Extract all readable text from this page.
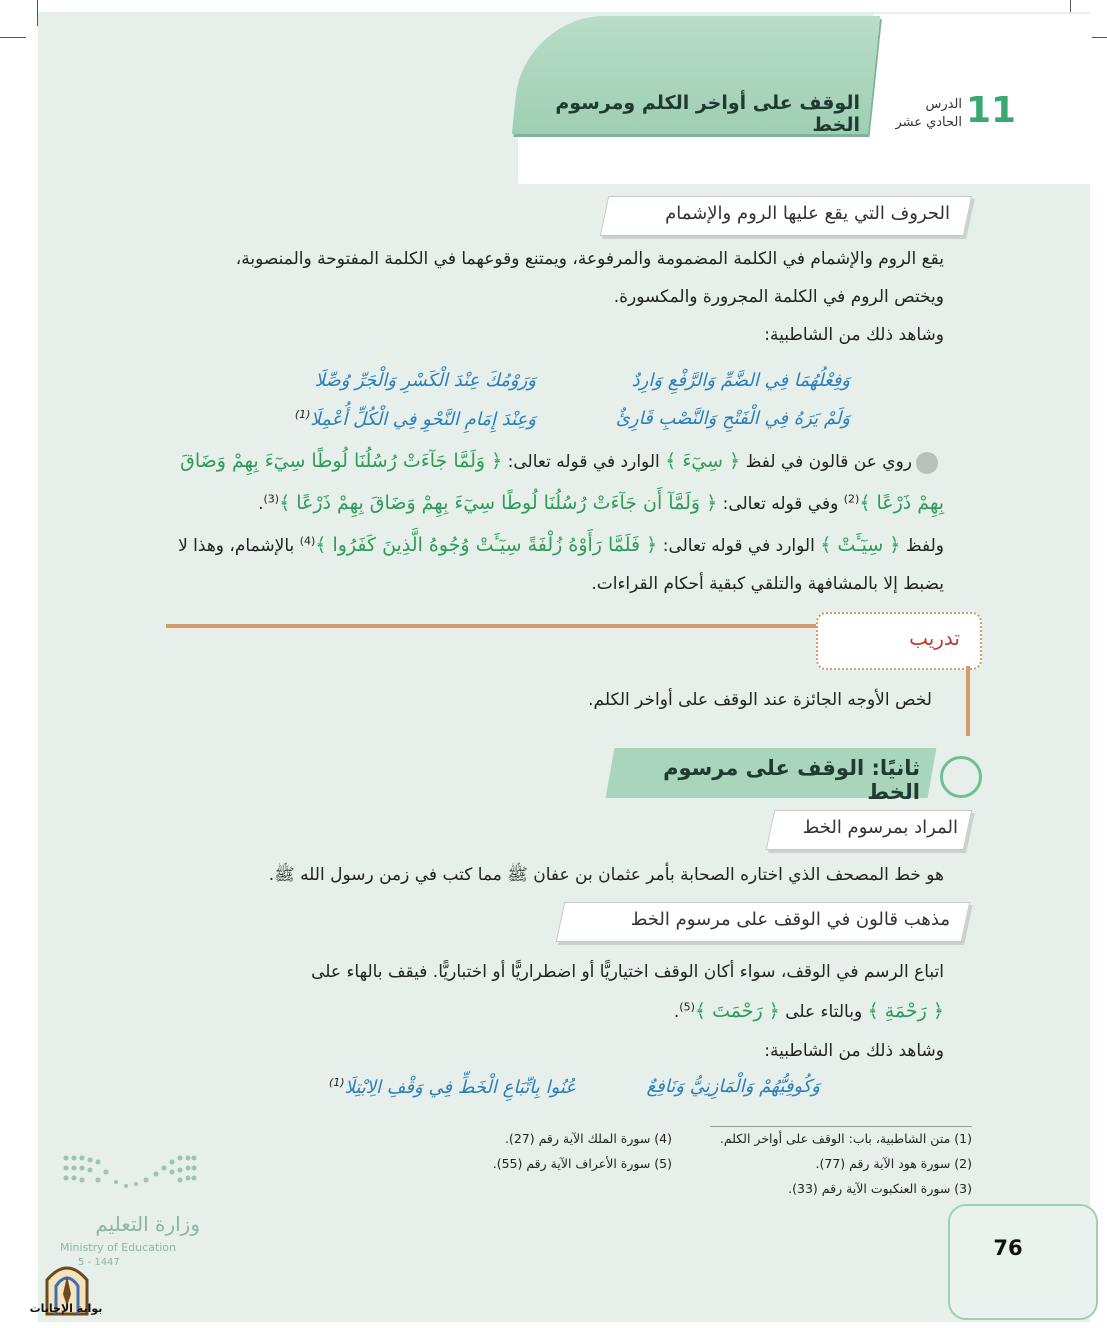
الوقف على أواخر الكلم ومرسوم الخط	11
الدرس
الحادي عشر
الحروف التي يقع عليها الروم والإشمام
يقع الروم والإشمام في الكلمة المضمومة والمرفوعة، ويمتنع وقوعهما في الكلمة المفتوحة والمنصوبة،
ويختص الروم في الكلمة المجرورة والمكسورة.
وشاهد ذلك من الشاطبية:
وَفِعْلُهُمَا فِي الضَّمِّ وَالرَّفْعِ وَارِدٌ
وَرَوْمُكَ عِنْدَ الْكَسْرِ وَالْجَرِّ وُصِّلَا
وَلَمْ يَرَهُ فِي الْفَتْحِ وَالنَّصْبِ قَارِئٌ
وَعِنْدَ إِمَامِ النَّحْوِ فِي الْكُلِّ أُعْمِلَا$^{(1)}$
روي عن قالون في لفظ ﴿ سِيٓءَ ﴾ الوارد في قوله تعالى: ﴿ وَلَمَّا جَآءَتْ رُسُلُنَا لُوطًا سِيٓءَ بِهِمْ وَضَاقَ
بِهِمْ ذَرْعًا ﴾$^{(2)}$ وفي قوله تعالى: ﴿ وَلَمَّآ أَن جَآءَتْ رُسُلُنَا لُوطًا سِيٓءَ بِهِمْ وَضَاقَ بِهِمْ ذَرْعًا ﴾$^{(3)}$.
ولفظ ﴿ سِيٓـَٔتْ ﴾ الوارد في قوله تعالى: ﴿ فَلَمَّا رَأَوْهُ زُلْفَةً سِيٓـَٔتْ وُجُوهُ الَّذِينَ كَفَرُوا ﴾$^{(4)}$ بالإشمام، وهذا لا
يضبط إلا بالمشافهة والتلقي كبقية أحكام القراءات.
تدريب
لخص الأوجه الجائزة عند الوقف على أواخر الكلم.
ثانيًا: الوقف على مرسوم الخط
المراد بمرسوم الخط
هو خط المصحف الذي اختاره الصحابة بأمر عثمان بن عفان ﷺ مما كتب في زمن رسول الله ﷺ.
مذهب قالون في الوقف على مرسوم الخط
اتباع الرسم في الوقف، سواء أكان الوقف اختياريًّا أو اضطراريًّا أو اختباريًّا. فيقف بالهاء على
﴿ رَحْمَةِ ﴾ وبالتاء على ﴿ رَحْمَتَ ﴾$^{(5)}$.
وشاهد ذلك من الشاطبية:
وَكُوفِيُّهُمْ وَالْمَازِنِيُّ وَنَافِعٌ
عُنُوا بِاتِّبَاعِ الْخَطِّ فِي وَقْفِ الِابْتِلَا$^{(1)}$
(1) متن الشاطبية، باب: الوقف على أواخر الكلم.
(2) سورة هود الآية رقم (77).
(3) سورة العنكبوت الآية رقم (33).
(4) سورة الملك الآية رقم (27).
(5) سورة الأعراف الآية رقم (55).
76
وزارة التعليم
Ministry of Education
5 - 1447
بوابة الإجابات
